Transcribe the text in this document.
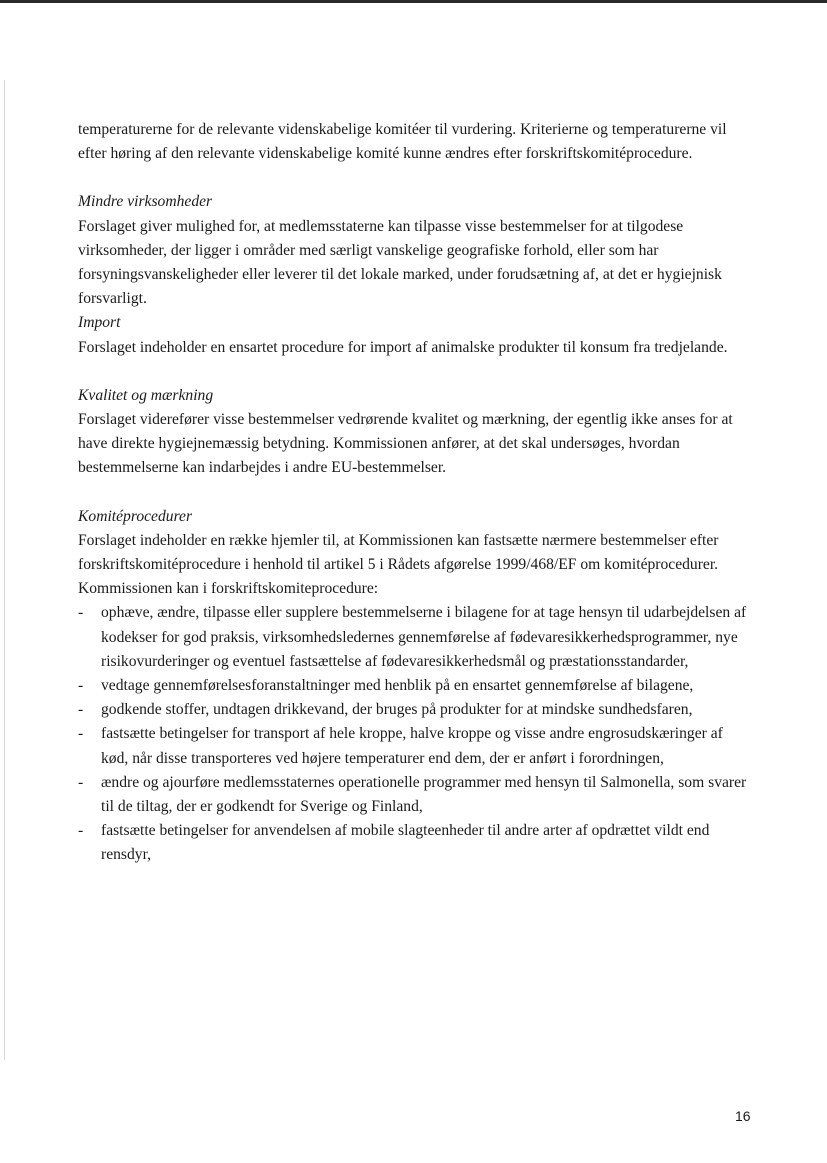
temperaturerne for de relevante videnskabelige komitéer til vurdering. Kriterierne og temperaturerne vil efter høring af den relevante videnskabelige komité kunne ændres efter forskriftskomitéprocedure.

Mindre virksomheder

Forslaget giver mulighed for, at medlemsstaterne kan tilpasse visse bestemmelser for at tilgodese virksomheder, der ligger i områder med særligt vanskelige geografiske forhold, eller som har forsyningsvanskeligheder eller leverer til det lokale marked, under forudsætning af, at det er hygiejnisk forsvarligt.

Import

Forslaget indeholder en ensartet procedure for import af animalske produkter til konsum fra tredjelande.

Kvalitet og mærkning

Forslaget viderefører visse bestemmelser vedrørende kvalitet og mærkning, der egentlig ikke anses for at have direkte hygiejnemæssig betydning. Kommissionen anfører, at det skal undersøges, hvordan bestemmelserne kan indarbejdes i andre EU-bestemmelser.

Komitéprocedurer

Forslaget indeholder en række hjemler til, at Kommissionen kan fastsætte nærmere bestemmelser efter forskriftskomitéprocedure i henhold til artikel 5 i Rådets afgørelse 1999/468/EF om komitéprocedurer. Kommissionen kan i forskriftskomiteprocedure:

- ophæve, ændre, tilpasse eller supplere bestemmelserne i bilagene for at tage hensyn til udarbejdelsen af kodekser for god praksis, virksomhedsledernes gennemførelse af fødevaresikkerhedsprogrammer, nye risikovurderinger og eventuel fastsættelse af fødevaresikkerhedsmål og præstationsstandarder,
- vedtage gennemførelsesforanstaltninger med henblik på en ensartet gennemførelse af bilagene,
- godkende stoffer, undtagen drikkevand, der bruges på produkter for at mindske sundhedsfaren,
- fastsætte betingelser for transport af hele kroppe, halve kroppe og visse andre engrosudskæringer af kød, når disse transporteres ved højere temperaturer end dem, der er anført i forordningen,
- ændre og ajourføre medlemsstaternes operationelle programmer med hensyn til Salmonella, som svarer til de tiltag, der er godkendt for Sverige og Finland,
- fastsætte betingelser for anvendelsen af mobile slagteenheder til andre arter af opdrættet vildt end rensdyr,
16
